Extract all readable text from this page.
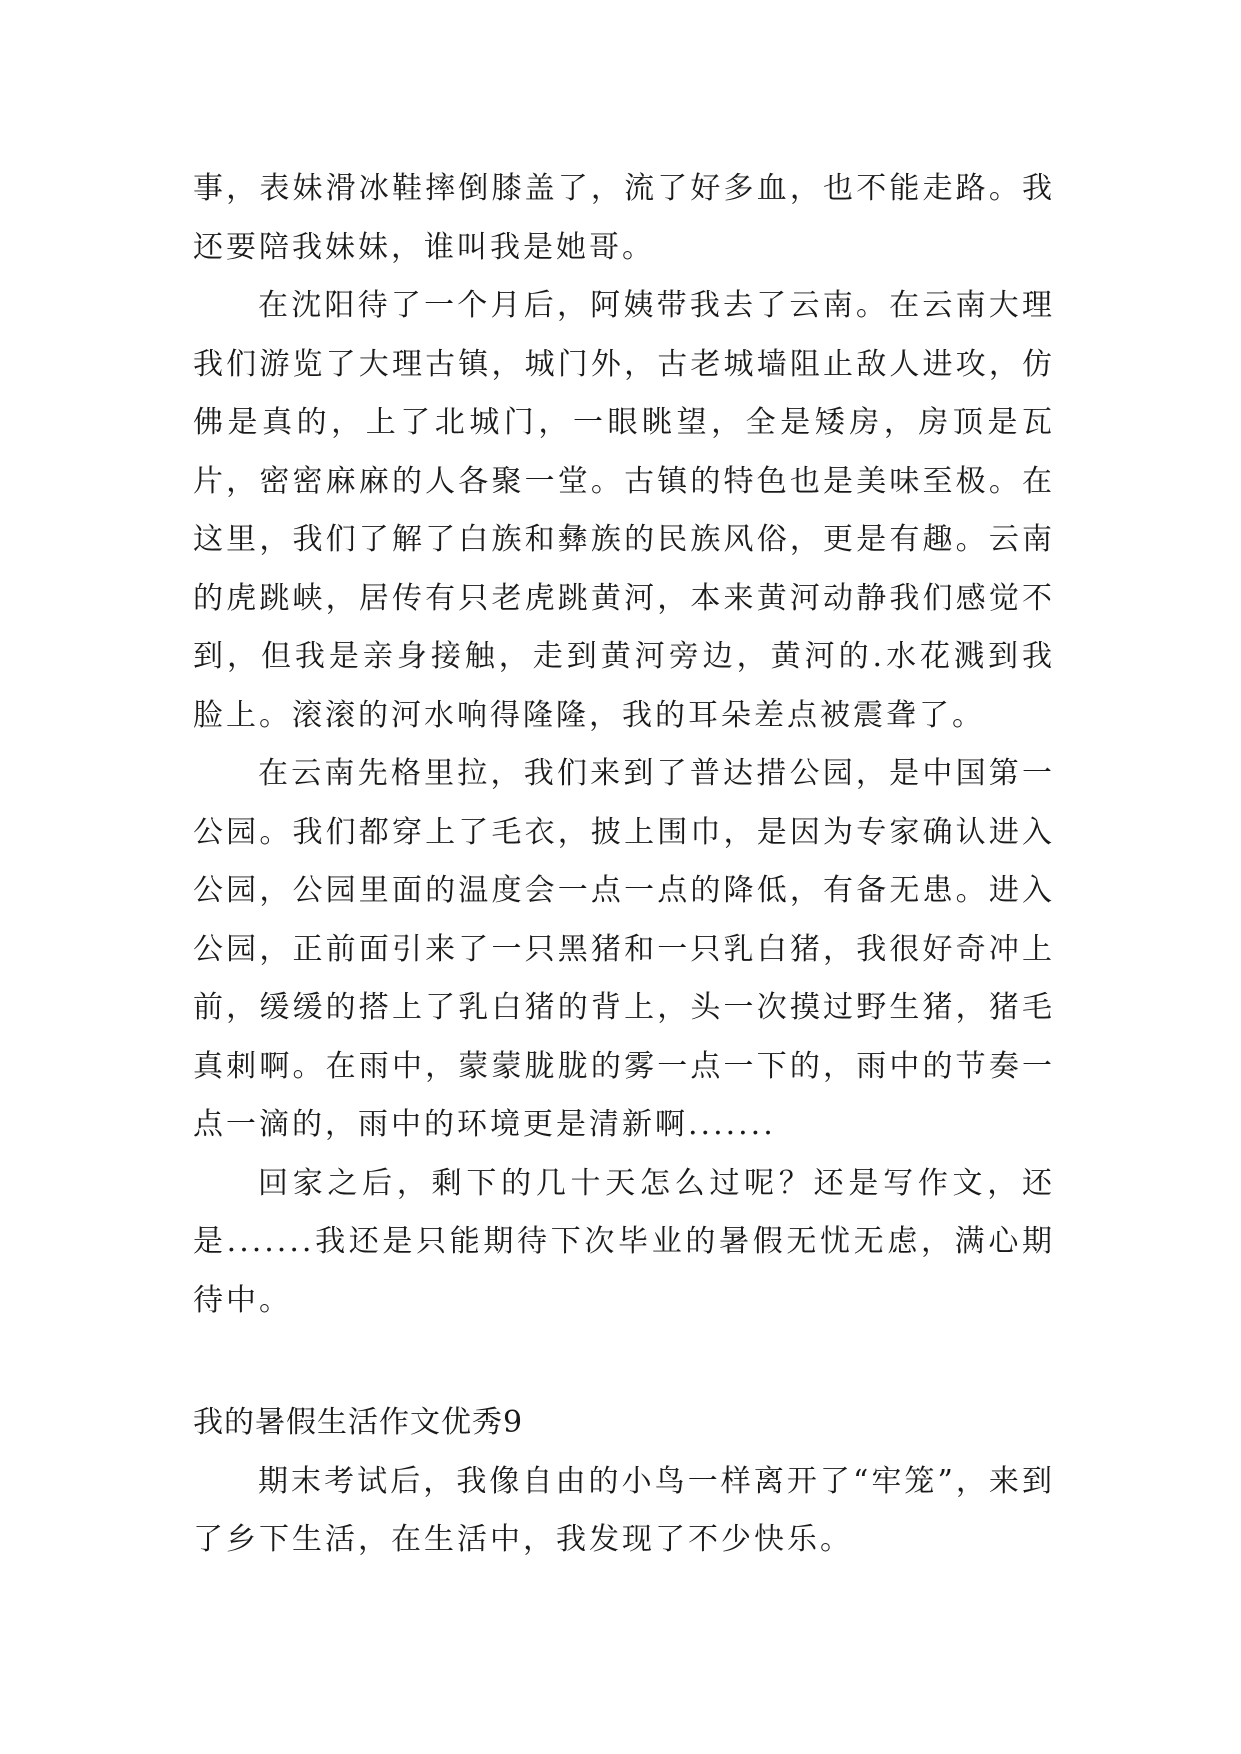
事，表妹滑冰鞋摔倒膝盖了，流了好多血，也不能走路。我还要陪我妹妹，谁叫我是她哥。

在沈阳待了一个月后，阿姨带我去了云南。在云南大理我们游览了大理古镇，城门外，古老城墙阻止敌人进攻，仿佛是真的，上了北城门，一眼眺望，全是矮房，房顶是瓦片，密密麻麻的人各聚一堂。古镇的特色也是美味至极。在这里，我们了解了白族和彝族的民族风俗，更是有趣。云南的虎跳峡，居传有只老虎跳黄河，本来黄河动静我们感觉不到，但我是亲身接触，走到黄河旁边，黄河的.水花溅到我脸上。滚滚的河水响得隆隆，我的耳朵差点被震聋了。

在云南先格里拉，我们来到了普达措公园，是中国第一公园。我们都穿上了毛衣，披上围巾，是因为专家确认进入公园，公园里面的温度会一点一点的降低，有备无患。进入公园，正前面引来了一只黑猪和一只乳白猪，我很好奇冲上前，缓缓的搭上了乳白猪的背上，头一次摸过野生猪，猪毛真刺啊。在雨中，蒙蒙胧胧的雾一点一下的，雨中的节奏一点一滴的，雨中的环境更是清新啊.......

回家之后，剩下的几十天怎么过呢？还是写作文，还是.......我还是只能期待下次毕业的暑假无忧无虑，满心期待中。

我的暑假生活作文优秀9

期末考试后，我像自由的小鸟一样离开了“牢笼”，来到了乡下生活，在生活中，我发现了不少快乐。
